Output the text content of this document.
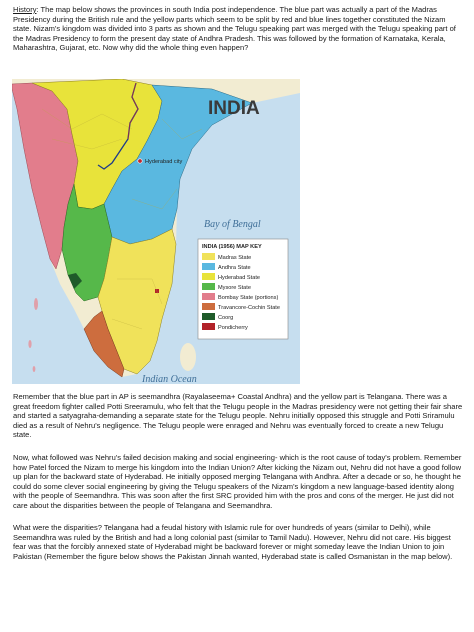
History: The map below shows the provinces in south India post independence. The blue part was actually a part of the Madras Presidency during the British rule and the yellow parts which seem to be split by red and blue lines together constituted the Nizam state. Nizam's kingdom was divided into 3 parts as shown and the Telugu speaking part was merged with the Telugu speaking part of the Madras Presidency to form the present day state of Andhra Pradesh. This was followed by the formation of Karnataka, Kerala, Maharashtra, Gujarat, etc. Now why did the whole thing even happen?

Hyderabad city
INDIA
Bay of Bengal
Indian Ocean
INDIA (1956) MAP KEY
Madras State
Andhra State
Hyderabad State
Mysore State
Bombay State (portions)
Travancore-Cochin State
Coorg
Pondicherry

Remember that the blue part in AP is seemandhra (Rayalaseema+ Coastal Andhra) and the yellow part is Telangana. There was a great freedom fighter called Potti Sreeramulu, who felt that the Telugu people in the Madras presidency were not getting their fair share and started a satyagraha-demanding a separate state for the Telugu people. Nehru initially opposed this struggle and Potti Sriramulu died as a result of Nehru's negligence. The Telugu people were enraged and Nehru was eventually forced to create a new Telugu state.

Now, what followed was Nehru's failed decision making and social engineering- which is the root cause of today's problem. Remember how Patel forced the Nizam to merge his kingdom into the Indian Union? After kicking the Nizam out, Nehru did not have a good follow up plan for the backward state of Hyderabad. He initially opposed merging Telangana with Andhra. After a decade or so, he thought he could do some clever social engineering by giving the Telugu speakers of the Nizam's kingdom a new language-based identity along with the people of Seemandhra. This was soon after the first SRC provided him with the pros and cons of the merger. He just did not care about the disparities between the people of Telangana and Seemandhra.

What were the disparities? Telangana had a feudal history with Islamic rule for over hundreds of years (similar to Delhi), while Seemandhra was ruled by the British and had a long colonial past (similar to Tamil Nadu). However, Nehru did not care. His biggest fear was that the forcibly annexed state of Hyderabad might be backward forever or might someday leave the Indian Union to join Pakistan (Remember the figure below shows the Pakistan Jinnah wanted, Hyderabad state is called Osmanistan in the map below).
